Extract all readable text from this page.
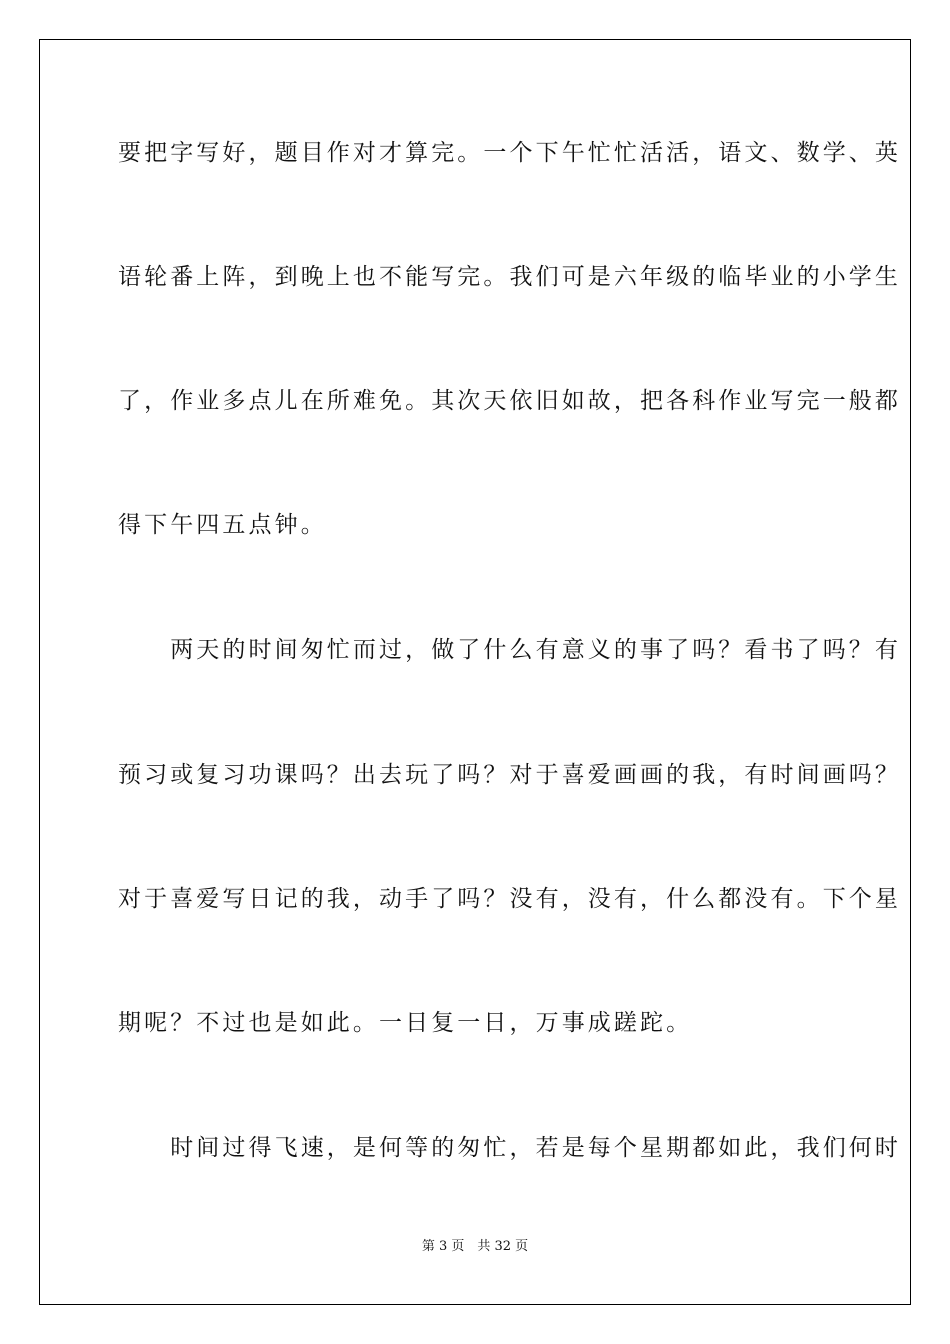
要把字写好，题目作对才算完。一个下午忙忙活活，语文、数学、英
语轮番上阵，到晚上也不能写完。我们可是六年级的临毕业的小学生
了，作业多点儿在所难免。其次天依旧如故，把各科作业写完一般都
得下午四五点钟。
　　两天的时间匆忙而过，做了什么有意义的事了吗？看书了吗？有
预习或复习功课吗？出去玩了吗？对于喜爱画画的我，有时间画吗？
对于喜爱写日记的我，动手了吗？没有，没有，什么都没有。下个星
期呢？不过也是如此。一日复一日，万事成蹉跎。
　　时间过得飞速，是何等的匆忙，若是每个星期都如此，我们何时
第 3 页　共 32 页
